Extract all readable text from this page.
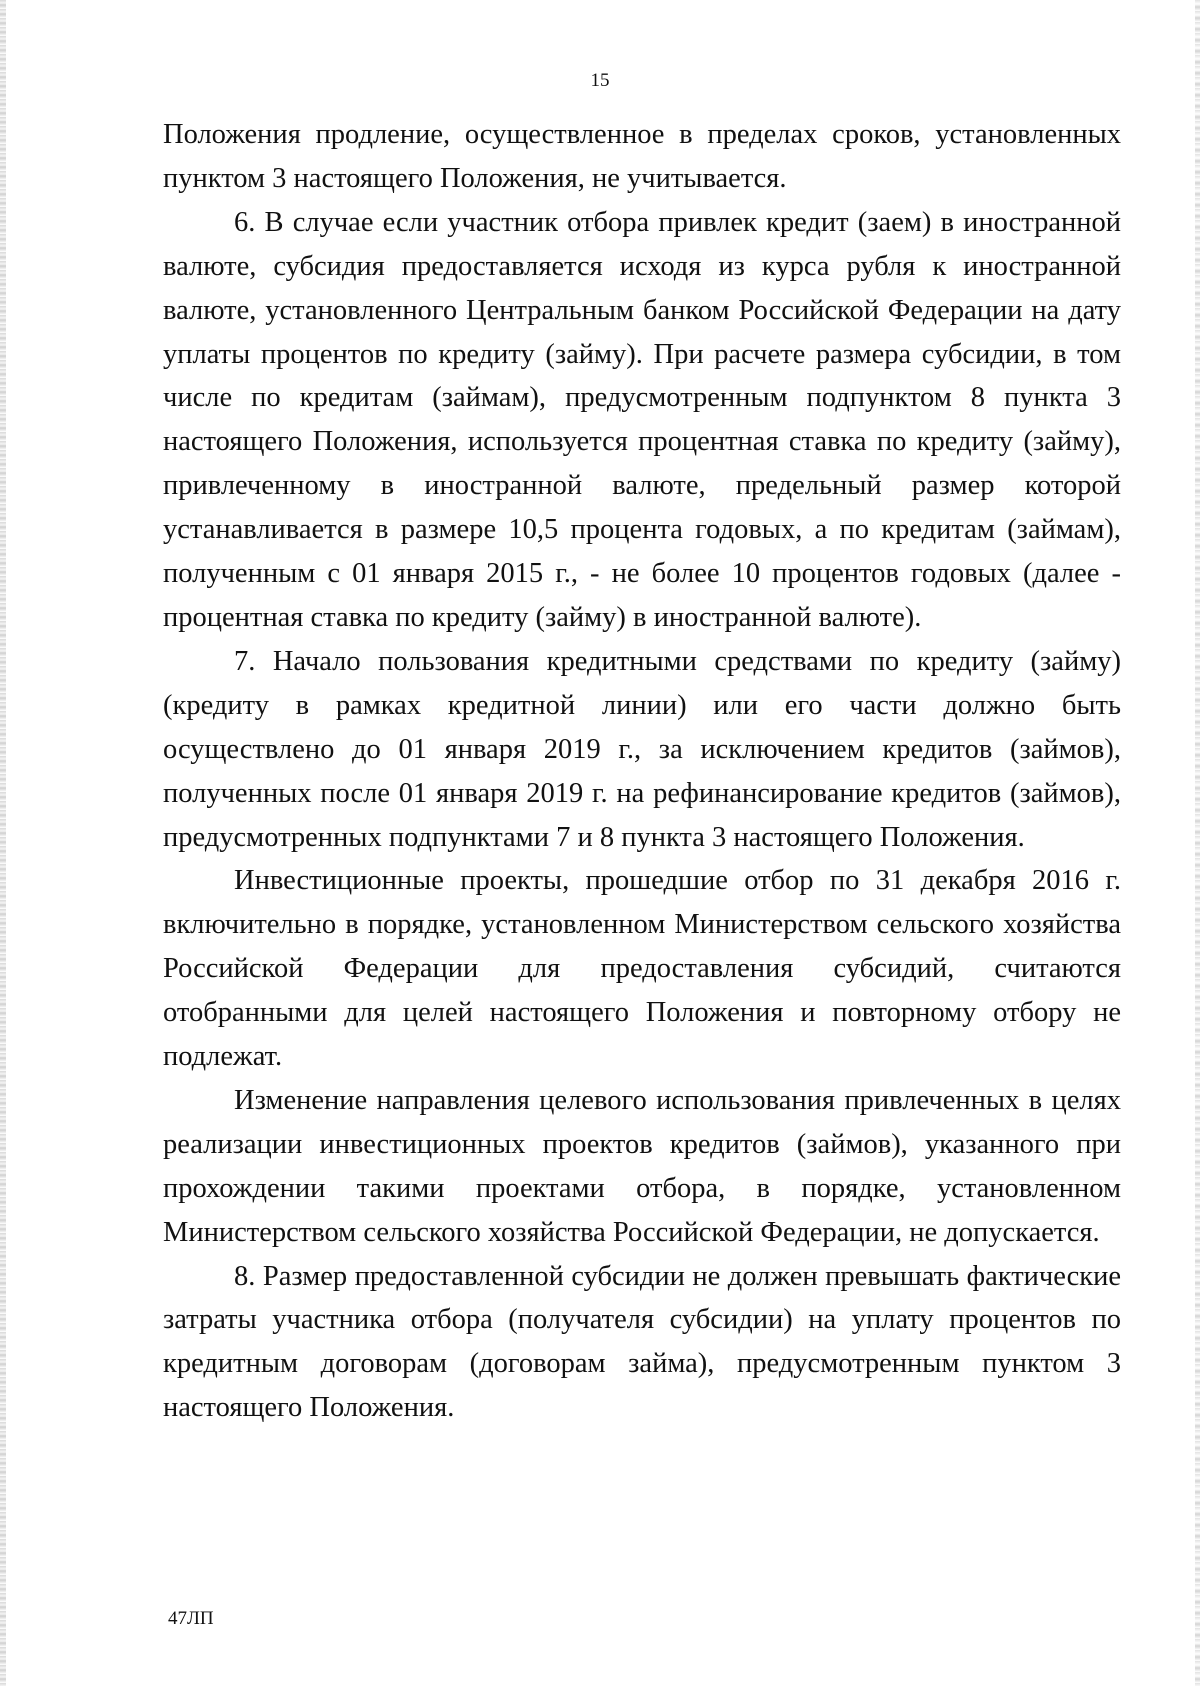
15

Положения продление, осуществленное в пределах сроков, установленных пунктом 3 настоящего Положения, не учитывается.

6. В случае если участник отбора привлек кредит (заем) в иностранной валюте, субсидия предоставляется исходя из курса рубля к иностранной валюте, установленного Центральным банком Российской Федерации на дату уплаты процентов по кредиту (займу). При расчете размера субсидии, в том числе по кредитам (займам), предусмотренным подпунктом 8 пункта 3 настоящего Положения, используется процентная ставка по кредиту (займу), привлеченному в иностранной валюте, предельный размер которой устанавливается в размере 10,5 процента годовых, а по кредитам (займам), полученным с 01 января 2015 г., - не более 10 процентов годовых (далее - процентная ставка по кредиту (займу) в иностранной валюте).

7. Начало пользования кредитными средствами по кредиту (займу) (кредиту в рамках кредитной линии) или его части должно быть осуществлено до 01 января 2019 г., за исключением кредитов (займов), полученных после 01 января 2019 г. на рефинансирование кредитов (займов), предусмотренных подпунктами 7 и 8 пункта 3 настоящего Положения.

Инвестиционные проекты, прошедшие отбор по 31 декабря 2016 г. включительно в порядке, установленном Министерством сельского хозяйства Российской Федерации для предоставления субсидий, считаются отобранными для целей настоящего Положения и повторному отбору не подлежат.

Изменение направления целевого использования привлеченных в целях реализации инвестиционных проектов кредитов (займов), указанного при прохождении такими проектами отбора, в порядке, установленном Министерством сельского хозяйства Российской Федерации, не допускается.

8. Размер предоставленной субсидии не должен превышать фактические затраты участника отбора (получателя субсидии) на уплату процентов по кредитным договорам (договорам займа), предусмотренным пунктом 3 настоящего Положения.

47ЛП
